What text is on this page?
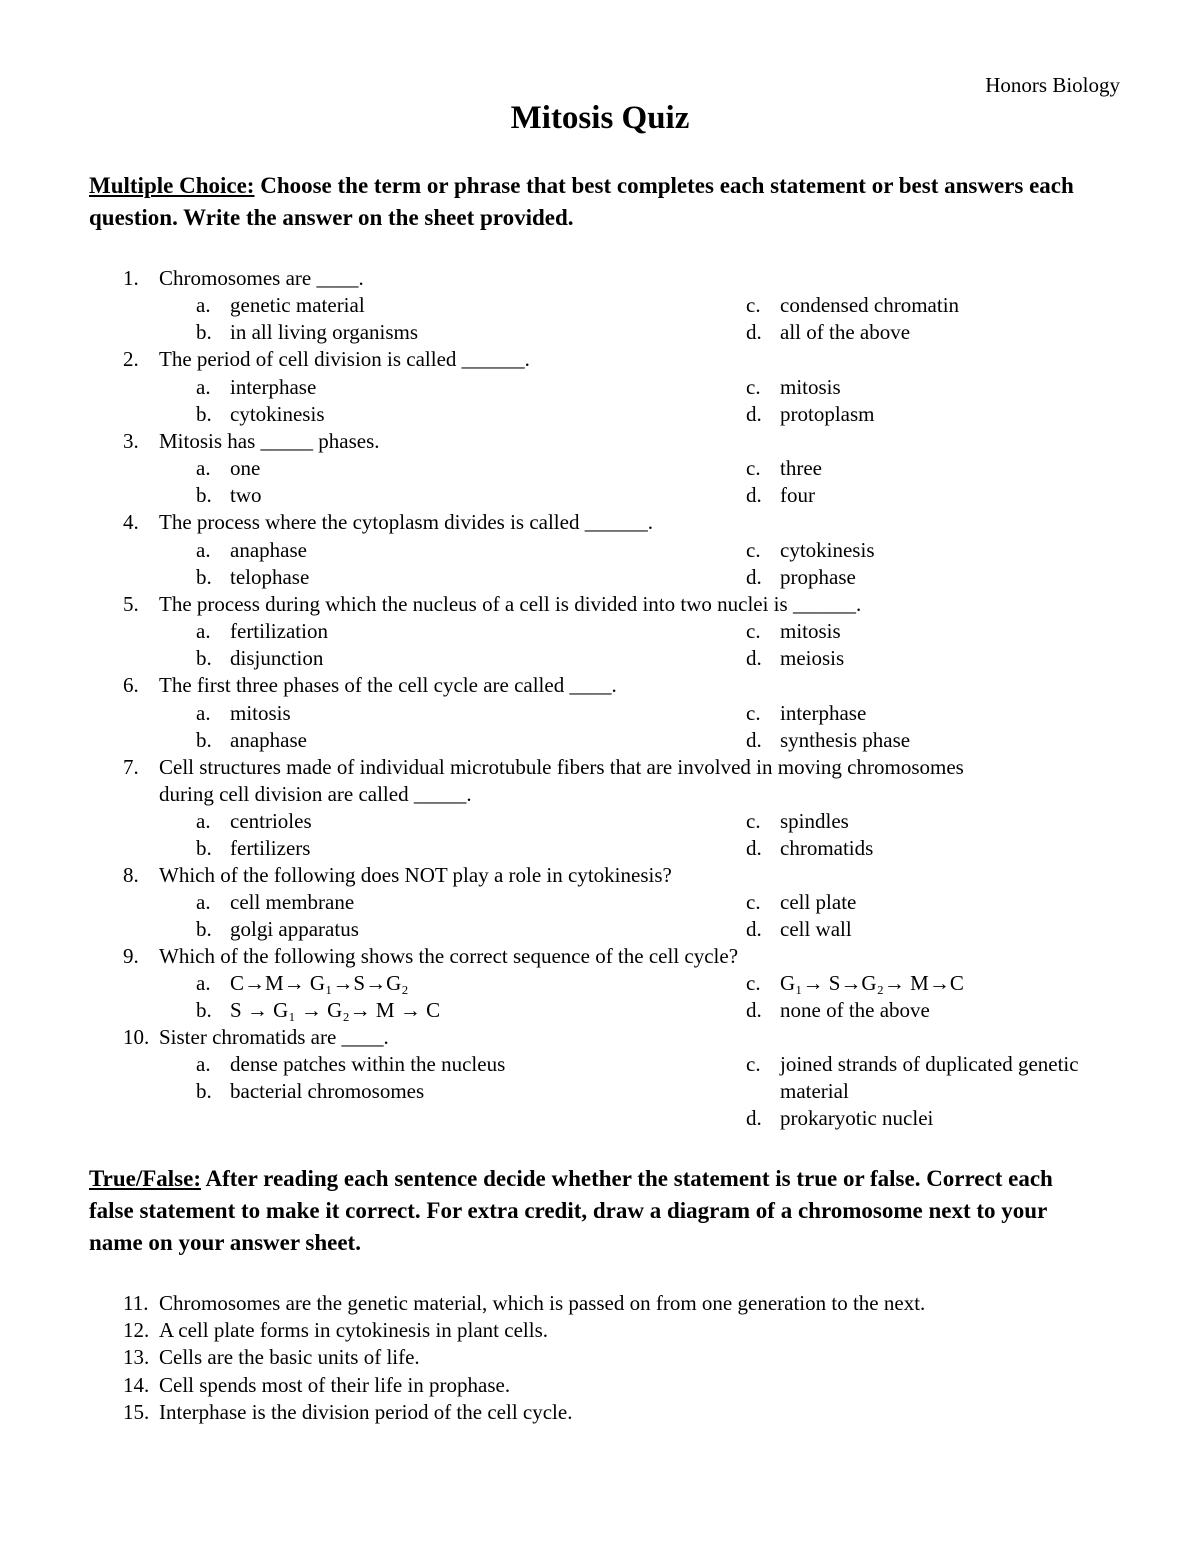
Honors Biology
Mitosis Quiz
Multiple Choice: Choose the term or phrase that best completes each statement or best answers each question. Write the answer on the sheet provided.
1. Chromosomes are ____.
a. genetic material
b. in all living organisms
c. condensed chromatin
d. all of the above
2. The period of cell division is called ______.
a. interphase
b. cytokinesis
c. mitosis
d. protoplasm
3. Mitosis has _____ phases.
a. one
b. two
c. three
d. four
4. The process where the cytoplasm divides is called ______.
a. anaphase
b. telophase
c. cytokinesis
d. prophase
5. The process during which the nucleus of a cell is divided into two nuclei is ______.
a. fertilization
b. disjunction
c. mitosis
d. meiosis
6. The first three phases of the cell cycle are called ____.
a. mitosis
b. anaphase
c. interphase
d. synthesis phase
7. Cell structures made of individual microtubule fibers that are involved in moving chromosomes
during cell division are called _____.
a. centrioles
b. fertilizers
c. spindles
d. chromatids
8. Which of the following does NOT play a role in cytokinesis?
a. cell membrane
b. golgi apparatus
c. cell plate
d. cell wall
9. Which of the following shows the correct sequence of the cell cycle?
a. C→M→ G₁→S→G₂
b. S → G₁ → G₂→ M → C
c. G₁→ S→G₂→ M→C
d. none of the above
10. Sister chromatids are ____.
a. dense patches within the nucleus
b. bacterial chromosomes
c. joined strands of duplicated genetic material
d. prokaryotic nuclei
True/False: After reading each sentence decide whether the statement is true or false. Correct each false statement to make it correct. For extra credit, draw a diagram of a chromosome next to your name on your answer sheet.
11. Chromosomes are the genetic material, which is passed on from one generation to the next.
12. A cell plate forms in cytokinesis in plant cells.
13. Cells are the basic units of life.
14. Cell spends most of their life in prophase.
15. Interphase is the division period of the cell cycle.
